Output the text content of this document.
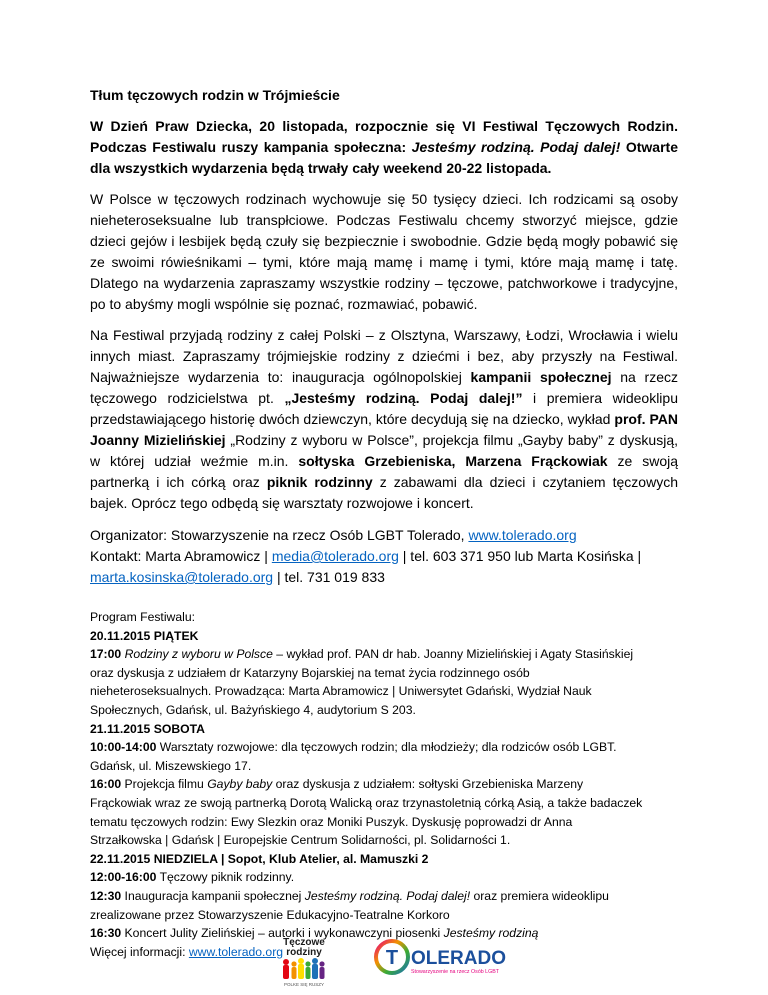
Tłum tęczowych rodzin w Trójmieście
W Dzień Praw Dziecka, 20 listopada, rozpocznie się VI Festiwal Tęczowych Rodzin. Podczas Festiwalu ruszy kampania społeczna: Jesteśmy rodziną. Podaj dalej! Otwarte dla wszystkich wydarzenia będą trwały cały weekend 20-22 listopada.
W Polsce w tęczowych rodzinach wychowuje się 50 tysięcy dzieci. Ich rodzicami są osoby nieheteroseksualne lub transpłciowe. Podczas Festiwalu chcemy stworzyć miejsce, gdzie dzieci gejów i lesbijek będą czuły się bezpiecznie i swobodnie. Gdzie będą mogły pobawić się ze swoimi rówieśnikami – tymi, które mają mamę i mamę i tymi, które mają mamę i tatę. Dlatego na wydarzenia zapraszamy wszystkie rodziny – tęczowe, patchworkowe i tradycyjne, po to abyśmy mogli wspólnie się poznać, rozmawiać, pobawić.
Na Festiwal przyjadą rodziny z całej Polski – z Olsztyna, Warszawy, Łodzi, Wrocławia i wielu innych miast. Zapraszamy trójmiejskie rodziny z dziećmi i bez, aby przyszły na Festiwal. Najważniejsze wydarzenia to: inauguracja ogólnopolskiej kampanii społecznej na rzecz tęczowego rodzicielstwa pt. „Jesteśmy rodziną. Podaj dalej!” i premiera wideoklipu przedstawiającego historię dwóch dziewczyn, które decydują się na dziecko, wykład prof. PAN Joanny Mizielińskiej „Rodziny z wyboru w Polsce”, projekcja filmu „Gayby baby” z dyskusją, w której udział weźmie m.in. sołtyska Grzebieniska, Marzena Frąckowiak ze swoją partnerką i ich córką oraz piknik rodzinny z zabawami dla dzieci i czytaniem tęczowych bajek. Oprócz tego odbędą się warsztaty rozwojowe i koncert.
Organizator: Stowarzyszenie na rzecz Osób LGBT Tolerado, www.tolerado.org
Kontakt: Marta Abramowicz | media@tolerado.org | tel. 603 371 950 lub Marta Kosińska |
marta.kosinska@tolerado.org | tel. 731 019 833
Program Festiwalu:
20.11.2015 PIĄTEK
17:00 Rodziny z wyboru w Polsce – wykład prof. PAN dr hab. Joanny Mizielińskiej i Agaty Stasińskiej
oraz dyskusja z udziałem dr Katarzyny Bojarskiej na temat życia rodzinnego osób
nieheteroseksualnych. Prowadząca: Marta Abramowicz | Uniwersytet Gdański, Wydział Nauk
Społecznych, Gdańsk, ul. Bażyńskiego 4, audytorium S 203.
21.11.2015 SOBOTA
10:00-14:00 Warsztaty rozwojowe: dla tęczowych rodzin; dla młodzieży; dla rodziców osób LGBT.
Gdańsk, ul. Miszewskiego 17.
16:00 Projekcja filmu Gayby baby oraz dyskusja z udziałem: sołtyski Grzebieniska Marzeny
Frąckowiak wraz ze swoją partnerką Dorotą Walicką oraz trzynastoletnią córką Asią, a także badaczek
tematu tęczowych rodzin: Ewy Slezkin oraz Moniki Puszyk. Dyskusję poprowadzi dr Anna
Strzałkowska | Gdańsk | Europejskie Centrum Solidarności, pl. Solidarności 1.
22.11.2015 NIEDZIELA | Sopot, Klub Atelier, al. Mamuszki 2
12:00-16:00 Tęczowy piknik rodzinny.
12:30 Inauguracja kampanii społecznej Jesteśmy rodziną. Podaj dalej! oraz premiera wideoklipu
zrealizowane przez Stowarzyszenie Edukacyjno-Teatralne Korkoro
16:30 Koncert Julity Zielińskiej – autorki i wykonawczyni piosenki Jesteśmy rodziną
Więcej informacji: www.tolerado.org
Tęczowe
rodziny
POLKE SIĘ RUSZY
T OLERADO
Stowarzyszenie na rzecz Osób LGBT
